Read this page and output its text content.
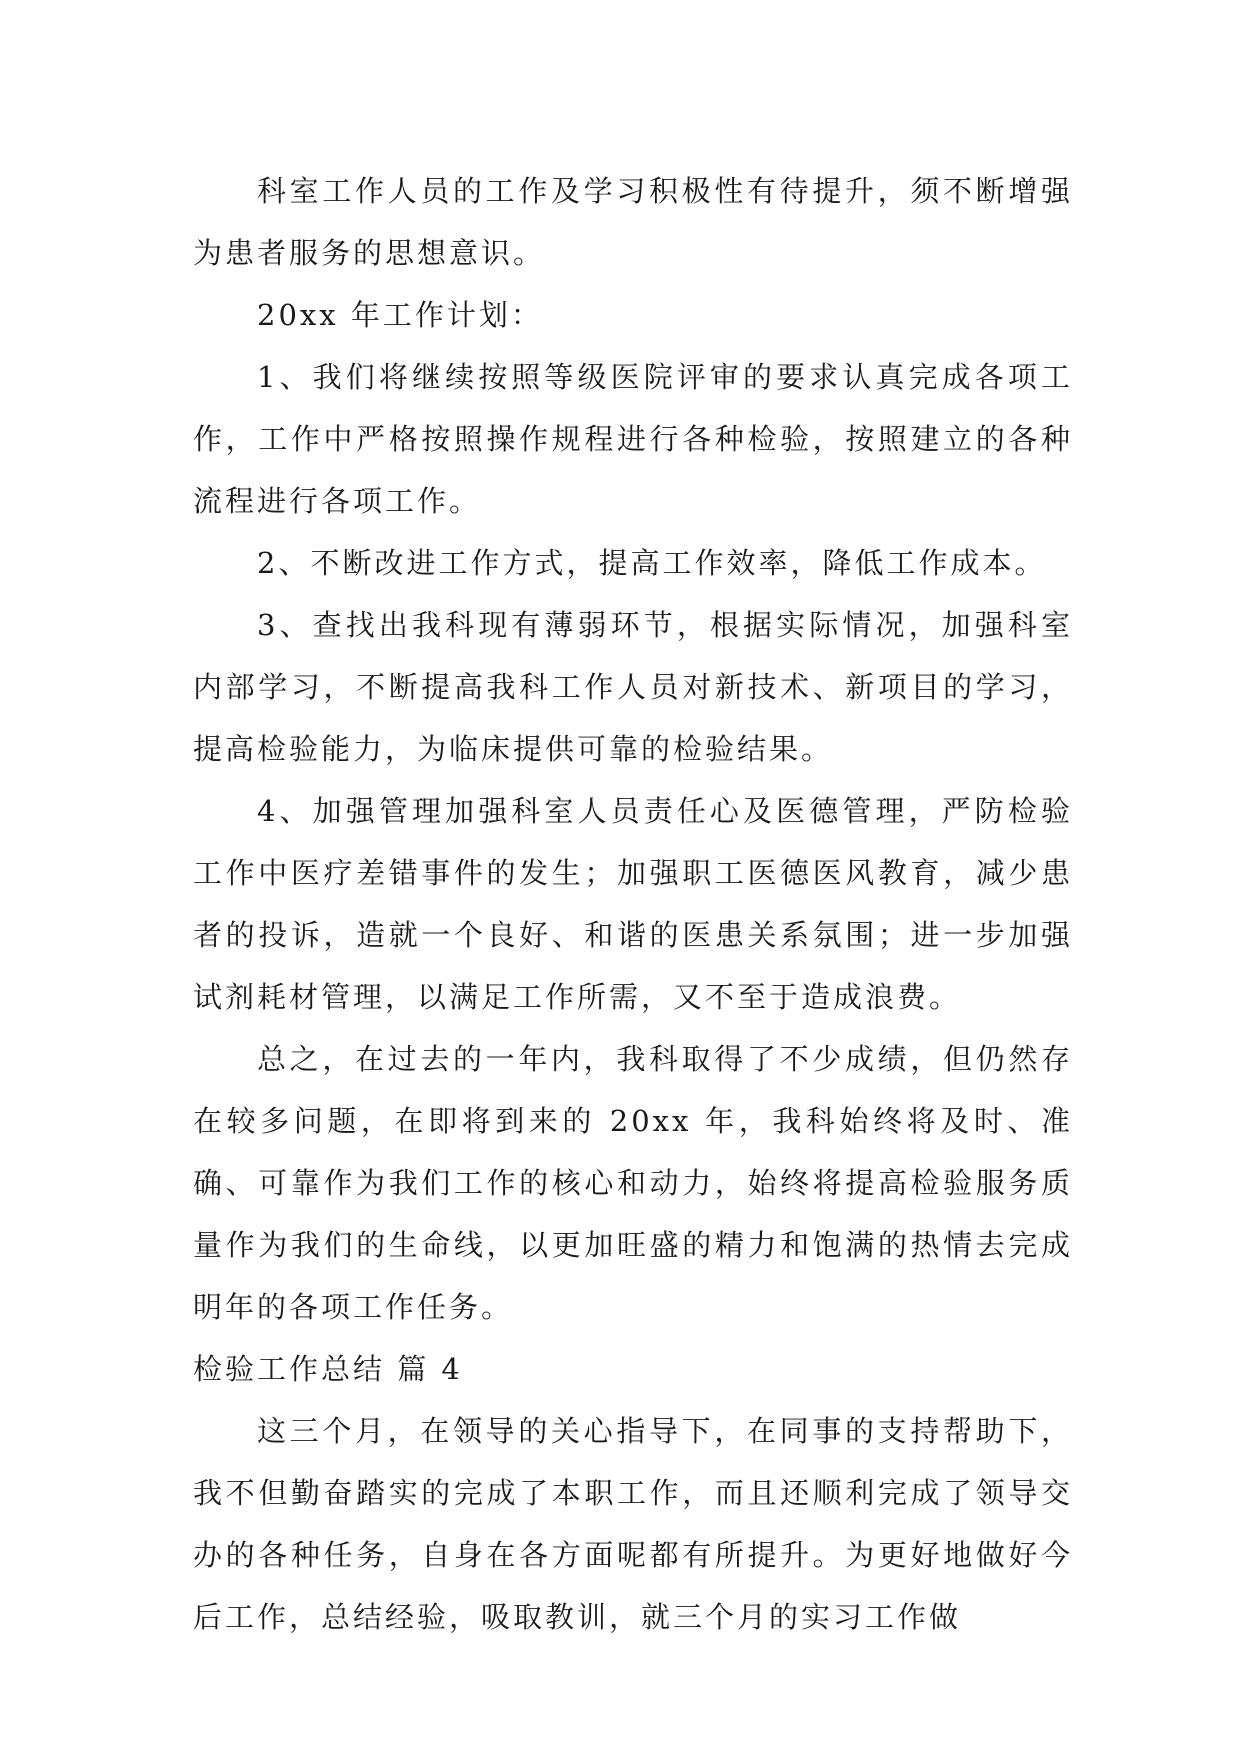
科室工作人员的工作及学习积极性有待提升，须不断增强为患者服务的思想意识。

20xx 年工作计划：

1、我们将继续按照等级医院评审的要求认真完成各项工作，工作中严格按照操作规程进行各种检验，按照建立的各种流程进行各项工作。

2、不断改进工作方式，提高工作效率，降低工作成本。

3、查找出我科现有薄弱环节，根据实际情况，加强科室内部学习，不断提高我科工作人员对新技术、新项目的学习，提高检验能力，为临床提供可靠的检验结果。

4、加强管理加强科室人员责任心及医德管理，严防检验工作中医疗差错事件的发生；加强职工医德医风教育，减少患者的投诉，造就一个良好、和谐的医患关系氛围；进一步加强试剂耗材管理，以满足工作所需，又不至于造成浪费。

总之，在过去的一年内，我科取得了不少成绩，但仍然存在较多问题，在即将到来的 20xx 年，我科始终将及时、准确、可靠作为我们工作的核心和动力，始终将提高检验服务质量作为我们的生命线，以更加旺盛的精力和饱满的热情去完成明年的各项工作任务。

检验工作总结 篇 4

这三个月，在领导的关心指导下，在同事的支持帮助下，我不但勤奋踏实的完成了本职工作，而且还顺利完成了领导交办的各种任务，自身在各方面呢都有所提升。为更好地做好今后工作，总结经验，吸取教训，就三个月的实习工作做
